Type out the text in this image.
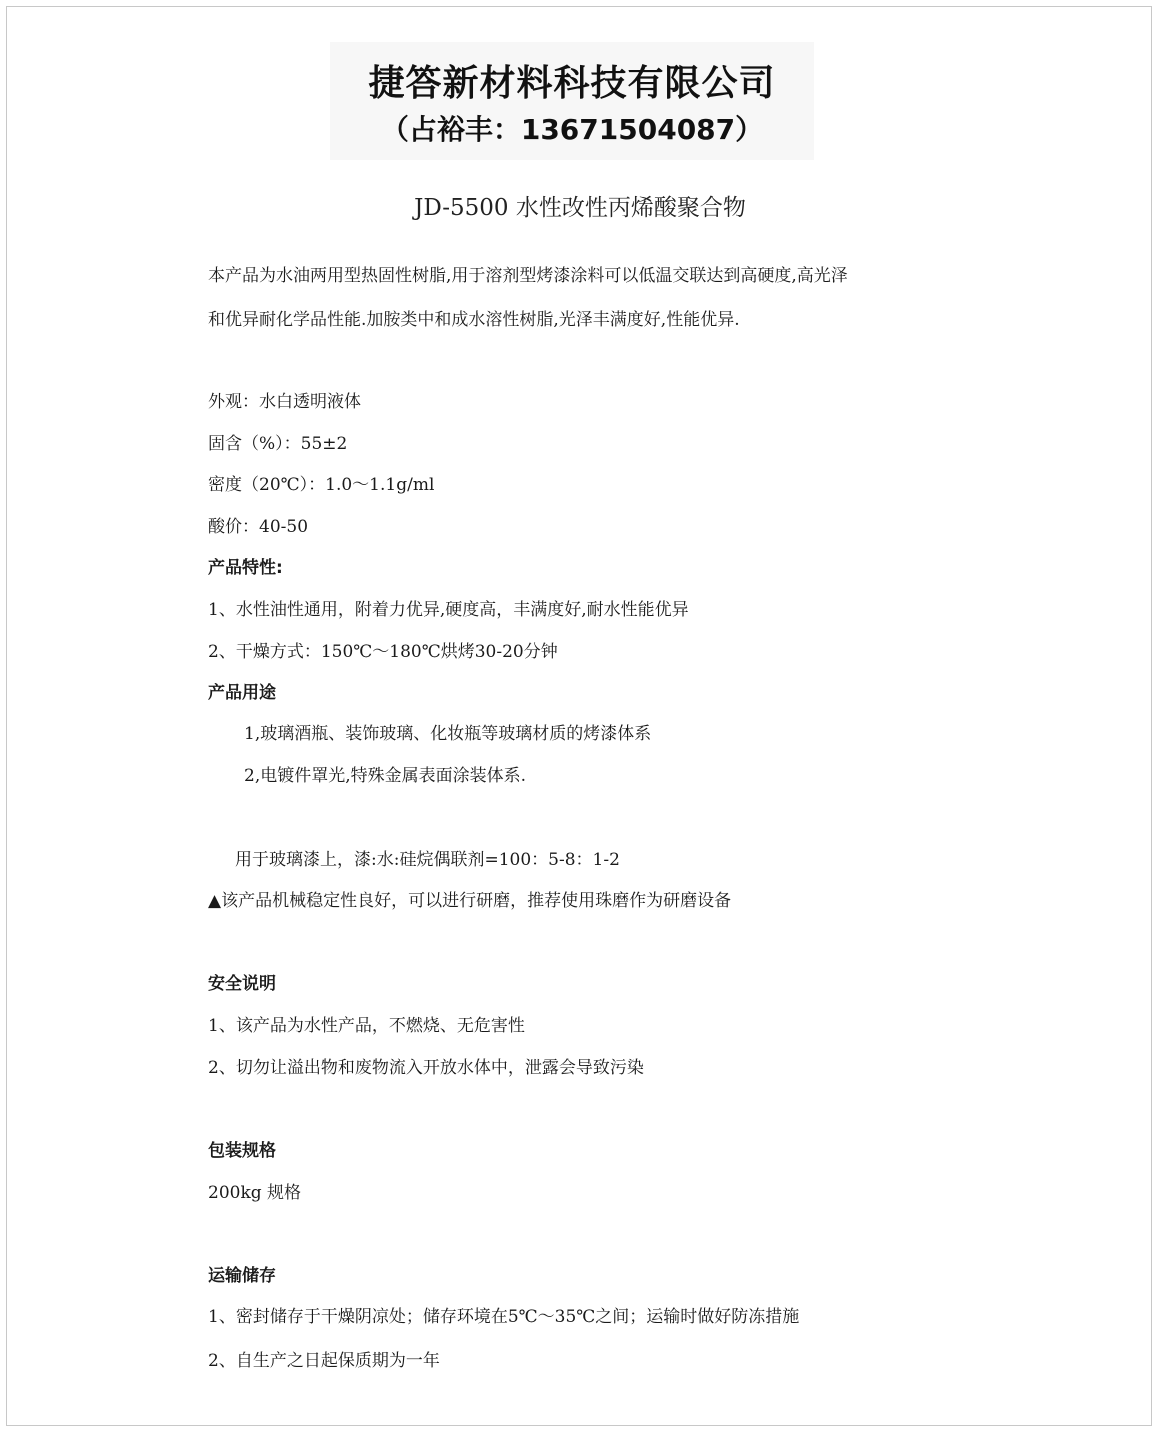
捷答新材料科技有限公司
（占裕丰：13671504087）
JD-5500 水性改性丙烯酸聚合物
本产品为水油两用型热固性树脂,用于溶剂型烤漆涂料可以低温交联达到高硬度,高光泽
和优异耐化学品性能.加胺类中和成水溶性树脂,光泽丰满度好,性能优异.
外观：水白透明液体
固含（%）：55±2
密度（20℃）：1.0～1.1g/ml
酸价：40-50
产品特性:
1、水性油性通用，附着力优异,硬度高，丰满度好,耐水性能优异
2、干燥方式：150℃～180℃烘烤30-20分钟
产品用途
1,玻璃酒瓶、装饰玻璃、化妆瓶等玻璃材质的烤漆体系
2,电镀件罩光,特殊金属表面涂装体系.
用于玻璃漆上，漆:水:硅烷偶联剂=100：5-8：1-2
▲该产品机械稳定性良好，可以进行研磨，推荐使用珠磨作为研磨设备
安全说明
1、该产品为水性产品，不燃烧、无危害性
2、切勿让溢出物和废物流入开放水体中，泄露会导致污染
包装规格
200kg 规格
运输储存
1、密封储存于干燥阴凉处；储存环境在5℃～35℃之间；运输时做好防冻措施
2、自生产之日起保质期为一年
